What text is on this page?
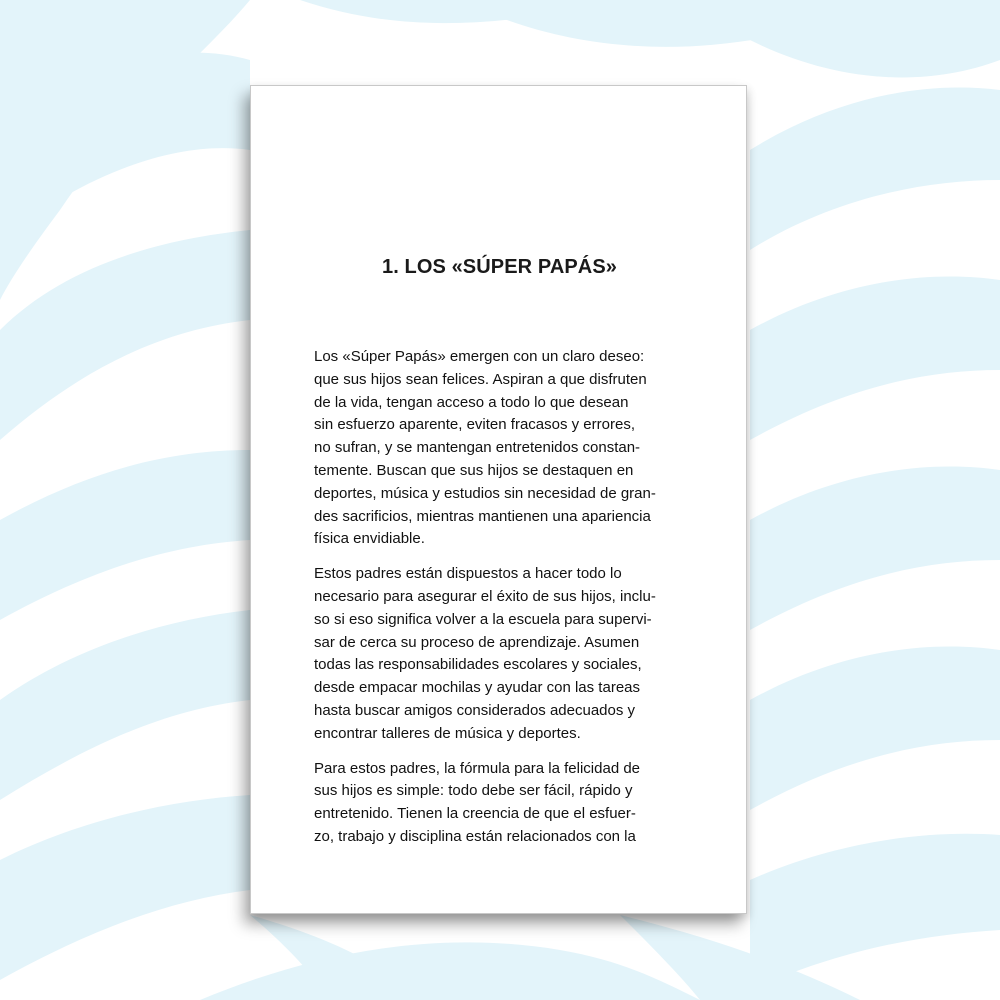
1. LOS «SÚPER PAPÁS»

Los «Súper Papás» emergen con un claro deseo:
que sus hijos sean felices. Aspiran a que disfruten
de la vida, tengan acceso a todo lo que desean
sin esfuerzo aparente, eviten fracasos y errores,
no sufran, y se mantengan entretenidos constan-
temente. Buscan que sus hijos se destaquen en
deportes, música y estudios sin necesidad de gran-
des sacrificios, mientras mantienen una apariencia
física envidiable.

Estos padres están dispuestos a hacer todo lo
necesario para asegurar el éxito de sus hijos, inclu-
so si eso significa volver a la escuela para supervi-
sar de cerca su proceso de aprendizaje. Asumen
todas las responsabilidades escolares y sociales,
desde empacar mochilas y ayudar con las tareas
hasta buscar amigos considerados adecuados y
encontrar talleres de música y deportes.

Para estos padres, la fórmula para la felicidad de
sus hijos es simple: todo debe ser fácil, rápido y
entretenido. Tienen la creencia de que el esfuer-
zo, trabajo y disciplina están relacionados con la
